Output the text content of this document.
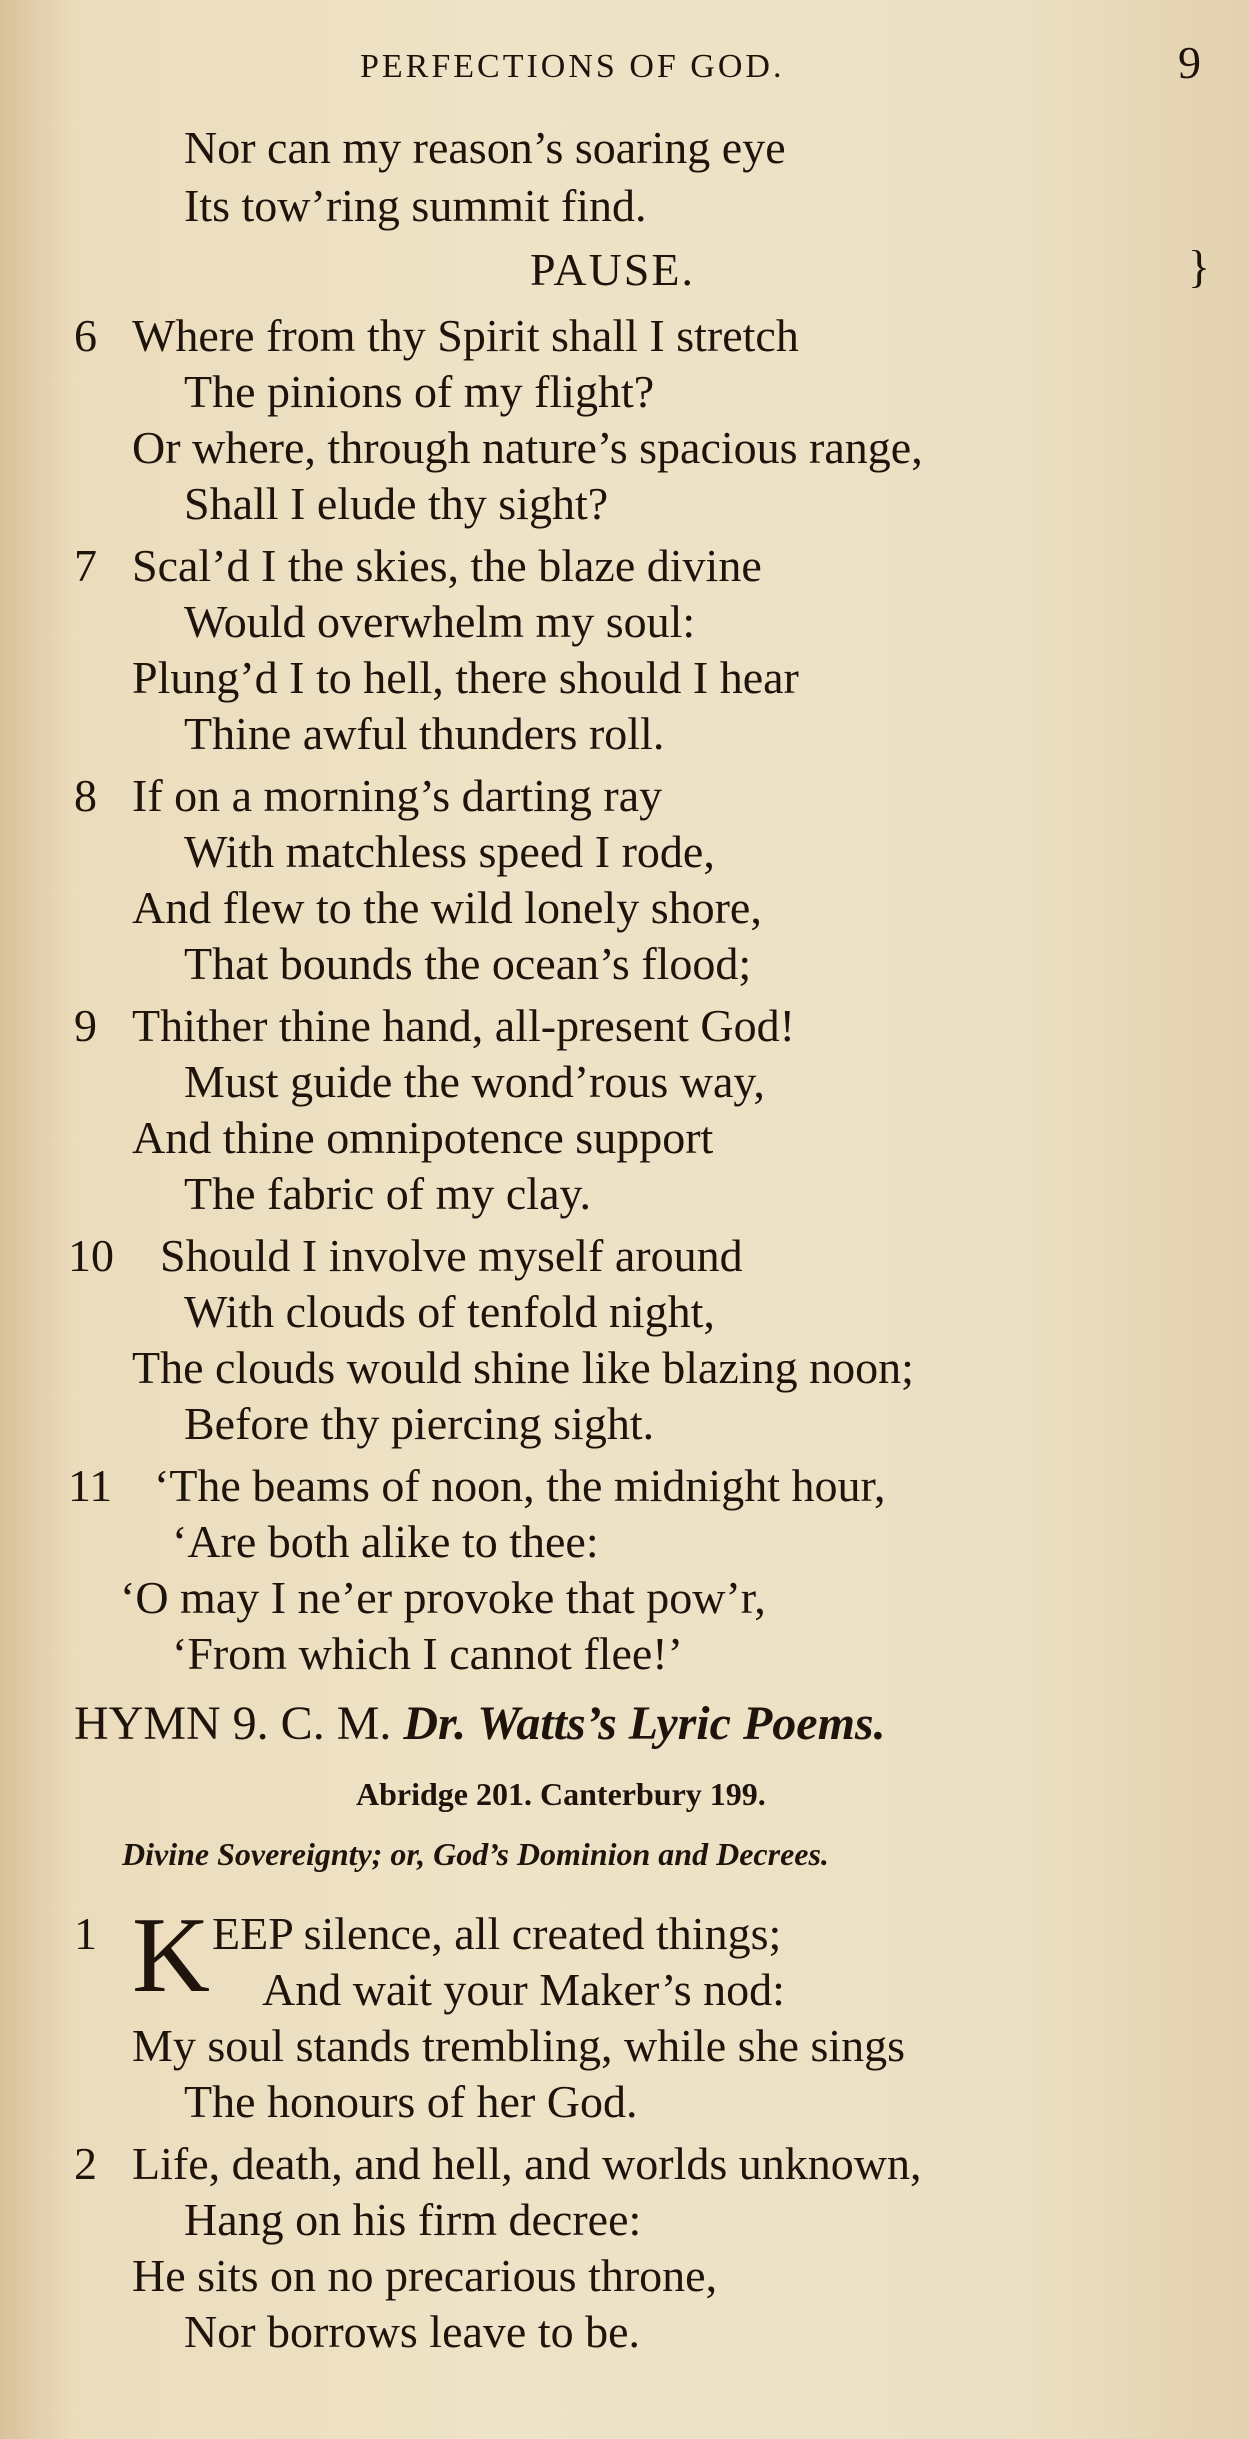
PERFECTIONS OF GOD.	9
Nor can my reason’s soaring eye
Its tow’ring summit find.
PAUSE.	}
6 Where from thy Spirit shall I stretch
The pinions of my flight?
Or where, through nature’s spacious range,
Shall I elude thy sight?
7 Scal’d I the skies, the blaze divine
Would overwhelm my soul:
Plung’d I to hell, there should I hear
Thine awful thunders roll.
8 If on a morning’s darting ray
With matchless speed I rode,
And flew to the wild lonely shore,
That bounds the ocean’s flood;
9 Thither thine hand, all-present God!
Must guide the wond’rous way,
And thine omnipotence support
The fabric of my clay.
10 Should I involve myself around
With clouds of tenfold night,
The clouds would shine like blazing noon;
Before thy piercing sight.
11 ‘The beams of noon, the midnight hour,
‘Are both alike to thee:
‘O may I ne’er provoke that pow’r,
‘From which I cannot flee!’
HYMN 9. C. M. Dr. Watts’s Lyric Poems.
Abridge 201. Canterbury 199.
Divine Sovereignty; or, God’s Dominion and Decrees.
1 K EEP silence, all created things;
And wait your Maker’s nod:
My soul stands trembling, while she sings
The honours of her God.
2 Life, death, and hell, and worlds unknown,
Hang on his firm decree:
He sits on no precarious throne,
Nor borrows leave to be.
